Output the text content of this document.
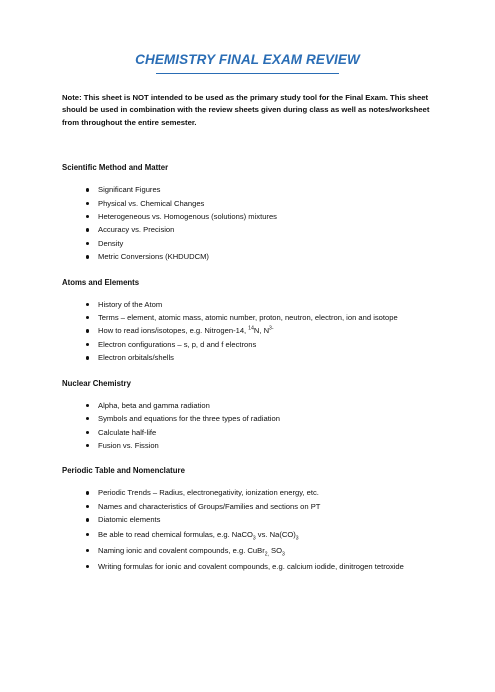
CHEMISTRY FINAL EXAM REVIEW

Note: This sheet is NOT intended to be used as the primary study tool for the Final Exam. This sheet should be used in combination with the review sheets given during class as well as notes/worksheet from throughout the entire semester.

Scientific Method and Matter

Significant Figures
Physical vs. Chemical Changes
Heterogeneous vs. Homogenous (solutions) mixtures
Accuracy vs. Precision
Density
Metric Conversions (KHDUDCM)

Atoms and Elements

History of the Atom
Terms – element, atomic mass, atomic number, proton, neutron, electron, ion and isotope
How to read ions/isotopes, e.g. Nitrogen-14, $^{14}$N, $N^{3-}$
Electron configurations – s, p, d and f electrons
Electron orbitals/shells

Nuclear Chemistry

Alpha, beta and gamma radiation
Symbols and equations for the three types of radiation
Calculate half-life
Fusion vs. Fission

Periodic Table and Nomenclature

Periodic Trends – Radius, electronegativity, ionization energy, etc.
Names and characteristics of Groups/Families and sections on PT
Diatomic elements
Be able to read chemical formulas, e.g. NaCO$_3$ vs. $Na(CO)_3$
Naming ionic and covalent compounds, e.g. CuBr$_{2,}$ $SO_3$
Writing formulas for ionic and covalent compounds, e.g. calcium iodide, dinitrogen tetroxide
